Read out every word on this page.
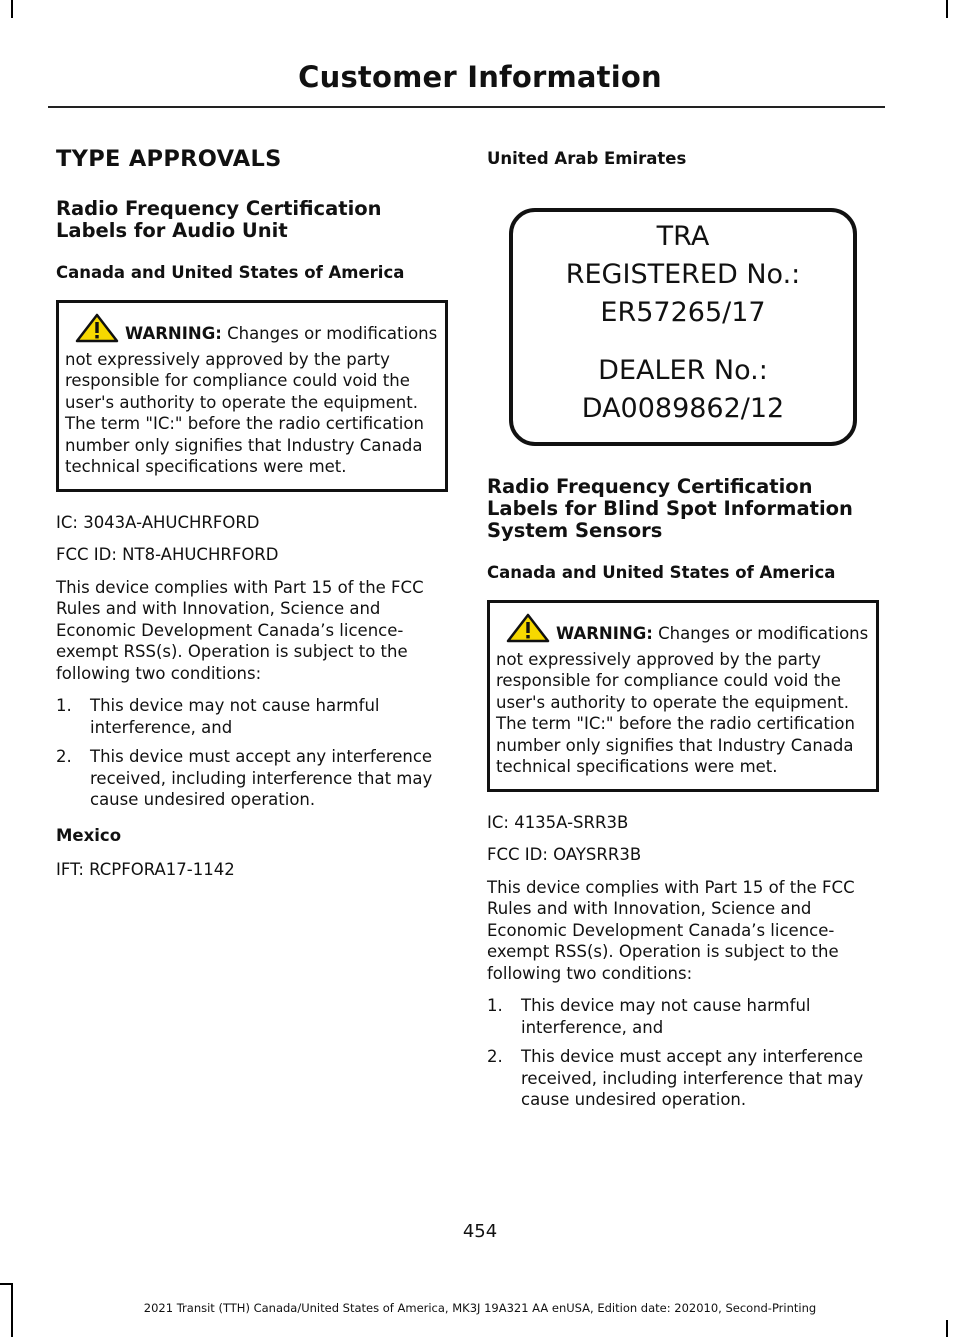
Customer Information
TYPE APPROVALS
Radio Frequency Certification Labels for Audio Unit
Canada and United States of America
WARNING: Changes or modifications not expressively approved by the party responsible for compliance could void the user's authority to operate the equipment. The term "IC:" before the radio certification number only signifies that Industry Canada technical specifications were met.

IC: 3043A-AHUCHRFORD

FCC ID: NT8-AHUCHRFORD

This device complies with Part 15 of the FCC Rules and with Innovation, Science and Economic Development Canada’s licence-exempt RSS(s). Operation is subject to the following two conditions:

1. This device may not cause harmful interference, and
2. This device must accept any interference received, including interference that may cause undesired operation.
Mexico

IFT: RCPFORA17-1142

United Arab Emirates
TRA
REGISTERED No.:
ER57265/17
DEALER No.:
DA0089862/12
Radio Frequency Certification Labels for Blind Spot Information System Sensors
Canada and United States of America
WARNING: Changes or modifications not expressively approved by the party responsible for compliance could void the user's authority to operate the equipment. The term "IC:" before the radio certification number only signifies that Industry Canada technical specifications were met.

IC: 4135A-SRR3B

FCC ID: OAYSRR3B

This device complies with Part 15 of the FCC Rules and with Innovation, Science and Economic Development Canada’s licence-exempt RSS(s). Operation is subject to the following two conditions:

1. This device may not cause harmful interference, and
2. This device must accept any interference received, including interference that may cause undesired operation.
454
2021 Transit (TTH) Canada/United States of America, MK3J 19A321 AA enUSA, Edition date: 202010, Second-Printing
